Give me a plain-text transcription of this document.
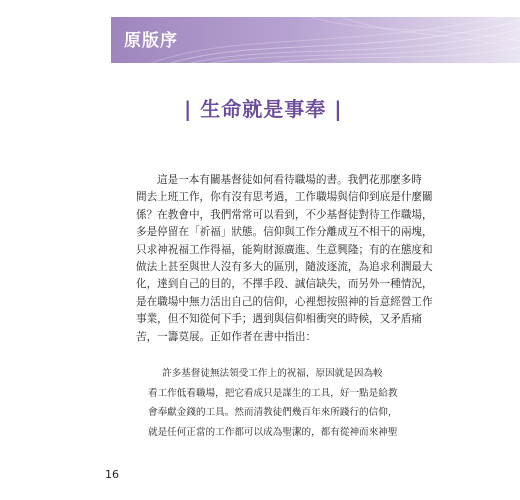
原版序
| 生命就是事奉 |
這是一本有關基督徒如何看待職場的書。我們花那麼多時
間去上班工作，你有沒有思考過，工作職場與信仰到底是什麼關
係？在教會中，我們常常可以看到，不少基督徒對待工作職場，
多是停留在「祈福」狀態。信仰與工作分離成互不相干的兩塊，
只求神祝福工作得福，能夠財源廣進、生意興隆；有的在態度和
做法上甚至與世人沒有多大的區別，隨波逐流，為追求利潤最大
化，達到自己的目的，不擇手段、誠信缺失，而另外一種情況，
是在職場中無力活出自己的信仰，心裡想按照神的旨意經營工作
事業，但不知從何下手；遇到與信仰相衝突的時候，又矛盾痛
苦，一籌莫展。正如作者在書中指出：
許多基督徒無法領受工作上的祝福，原因就是因為較
看工作低看職場，把它看成只是謀生的工具，好一點是給教
會奉獻金錢的工具。然而清教徒們幾百年來所踐行的信仰，
就是任何正當的工作都可以成為聖潔的，都有從神而來神聖
16
